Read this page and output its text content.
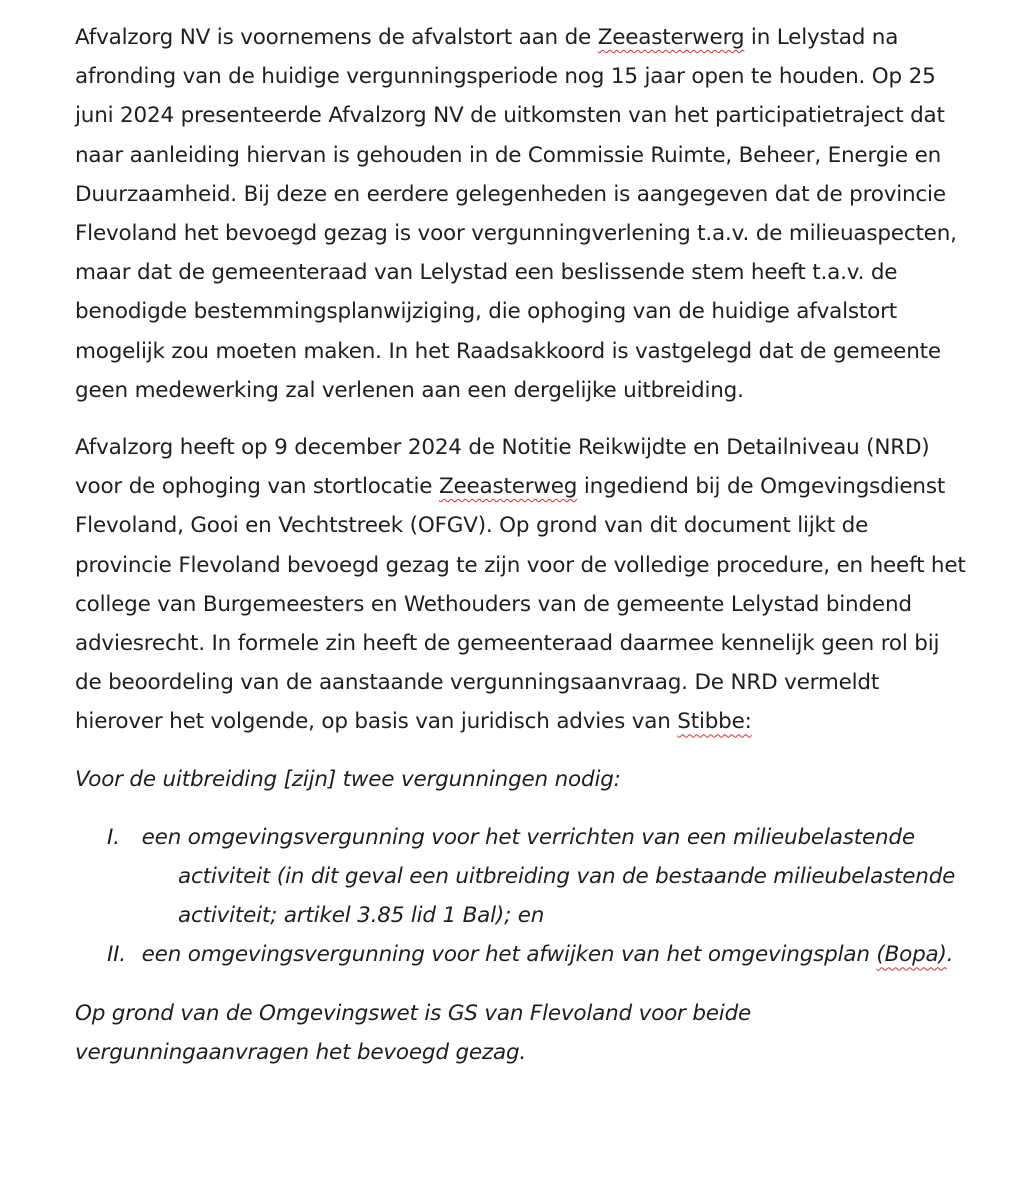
Afvalzorg NV is voornemens de afvalstort aan de Zeeasterwerg in Lelystad na afronding van de huidige vergunningsperiode nog 15 jaar open te houden. Op 25 juni 2024 presenteerde Afvalzorg NV de uitkomsten van het participatietraject dat naar aanleiding hiervan is gehouden in de Commissie Ruimte, Beheer, Energie en Duurzaamheid. Bij deze en eerdere gelegenheden is aangegeven dat de provincie Flevoland het bevoegd gezag is voor vergunningverlening t.a.v. de milieuaspecten, maar dat de gemeenteraad van Lelystad een beslissende stem heeft t.a.v. de benodigde bestemmingsplanwijziging, die ophoging van de huidige afvalstort mogelijk zou moeten maken. In het Raadsakkoord is vastgelegd dat de gemeente geen medewerking zal verlenen aan een dergelijke uitbreiding.

Afvalzorg heeft op 9 december 2024 de Notitie Reikwijdte en Detailniveau (NRD) voor de ophoging van stortlocatie Zeeasterweg ingediend bij de Omgevingsdienst Flevoland, Gooi en Vechtstreek (OFGV). Op grond van dit document lijkt de provincie Flevoland bevoegd gezag te zijn voor de volledige procedure, en heeft het college van Burgemeesters en Wethouders van de gemeente Lelystad bindend adviesrecht. In formele zin heeft de gemeenteraad daarmee kennelijk geen rol bij de beoordeling van de aanstaande vergunningsaanvraag. De NRD vermeldt hierover het volgende, op basis van juridisch advies van Stibbe:

Voor de uitbreiding [zijn] twee vergunningen nodig:

I. een omgevingsvergunning voor het verrichten van een milieubelastende activiteit (in dit geval een uitbreiding van de bestaande milieubelastende activiteit; artikel 3.85 lid 1 Bal); en
II. een omgevingsvergunning voor het afwijken van het omgevingsplan (Bopa).

Op grond van de Omgevingswet is GS van Flevoland voor beide vergunningaanvragen het bevoegd gezag.
